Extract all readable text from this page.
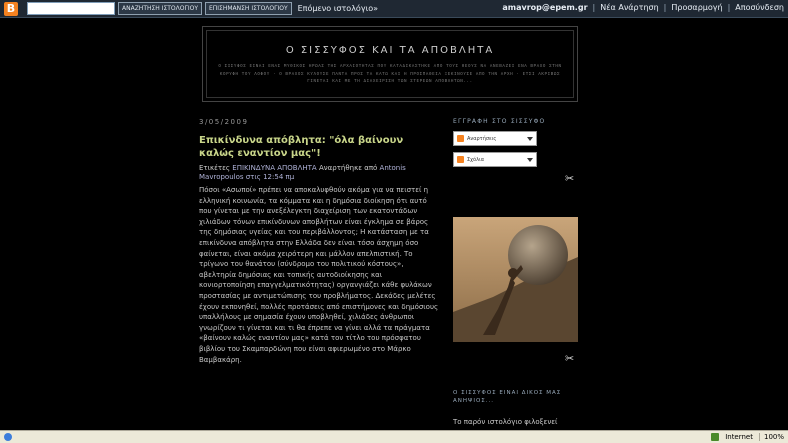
B	ΑΝΑΖΗΤΗΣΗ ΙΣΤΟΛΟΓΙΟΥ	ΕΠΙΣΗΜΑΝΣΗ ΙΣΤΟΛΟΓΙΟΥ	Επόμενο ιστολόγιο»	amavrop@epem.gr | Νέα Ανάρτηση | Προσαρμογή | Αποσύνδεση
Ο ΣΙΣΣΥΦΟΣ ΚΑΙ ΤΑ ΑΠΟΒΛΗΤΑ
Ο ΣΙΣΥΦΟΣ ΕΙΝΑΙ ΕΝΑΣ ΜΥΘΙΚΟΣ ΗΡΩΑΣ ΤΗΣ ΑΡΧΑΙΟΤΗΤΑΣ ΠΟΥ ΚΑΤΑΔΙΚΑΣΤΗΚΕ ΑΠΟ ΤΟΥΣ ΘΕΟΥΣ ΝΑ ΑΝΕΒΑΖΕΙ ΕΝΑ ΒΡΑΧΟ ΣΤΗΝ ΚΟΡΥΦΗ ΤΟΥ ΛΟΦΟΥ · Ο ΒΡΑΧΟΣ ΚΥΛΟΥΣΕ ΠΑΝΤΑ ΠΡΟΣ ΤΑ ΚΑΤΩ ΚΑΙ Η ΠΡΟΣΠΑΘΕΙΑ ΞΕΚΙΝΟΥΣΕ ΑΠΟ ΤΗΝ ΑΡΧΗ · ΕΤΣΙ ΑΚΡΙΒΩΣ ΓΙΝΕΤΑΙ ΚΑΙ ΜΕ ΤΗ ΔΙΑΧΕΙΡΙΣΗ ΤΩΝ ΣΤΕΡΕΩΝ ΑΠΟΒΛΗΤΩΝ...
3/05/2009
Επικίνδυνα απόβλητα: "όλα βαίνουν καλώς εναντίον μας"!
Ετικέτες ΕΠΙΚΙΝΔΥΝΑ ΑΠΟΒΛΗΤΑ Αναρτήθηκε από Antonis Mavropoulos στις 12:54 πμ
Πόσοι «Ασωποί» πρέπει να αποκαλυφθούν ακόμα για να πειστεί η ελληνική κοινωνία, τα κόμματα και η δημόσια διοίκηση ότι αυτό που γίνεται με την ανεξέλεγκτη διαχείριση των εκατοντάδων χιλιάδων τόνων επικίνδυνων αποβλήτων είναι έγκλημα σε βάρος της δημόσιας υγείας και του περιβάλλοντος; Η κατάσταση με τα επικίνδυνα απόβλητα στην Ελλάδα δεν είναι τόσο άσχημη όσο φαίνεται, είναι ακόμα χειρότερη και μάλλον απελπιστική. Το τρίγωνο του θανάτου (σύνδρομο του πολιτικού κόστους», αβελτηρία δημόσιας και τοπικής αυτοδιοίκησης και κονιορτοποίηση επαγγελματικότητας) οργανγιάζει κάθε φυλάκων προστασίας με αντιμετώπισης του προβλήματος. Δεκάδες μελέτες έχουν εκπονηθεί, πολλές προτάσεις από επιστήμονες και δημόσιους υπαλλήλους με σημασία έχουν υποβληθεί, χιλιάδες άνθρωποι γνωρίζουν τι γίνεται και τι θα έπρεπε να γίνει αλλά τα πράγματα «βαίνουν καλώς εναντίον μας» κατά τον τίτλο του πρόσφατου βιβλίου του Σκαμπαρδώνη που είναι αφιερωμένο στο Μάρκο Βαμβακάρη.
ΕΓΓΡΑΦΗ ΣΤΟ ΣΙΣΣΥΦΟ
Αναρτήσεις
Σχόλια
✂
✂
Ο ΣΙΣΣΥΦΟΣ ΕΙΝΑΙ ΔΙΚΟΣ ΜΑΣ ΑΝΗΨΙΟΣ...
Το παρόν ιστολόγιο φιλοξενεί
Internet	100%
